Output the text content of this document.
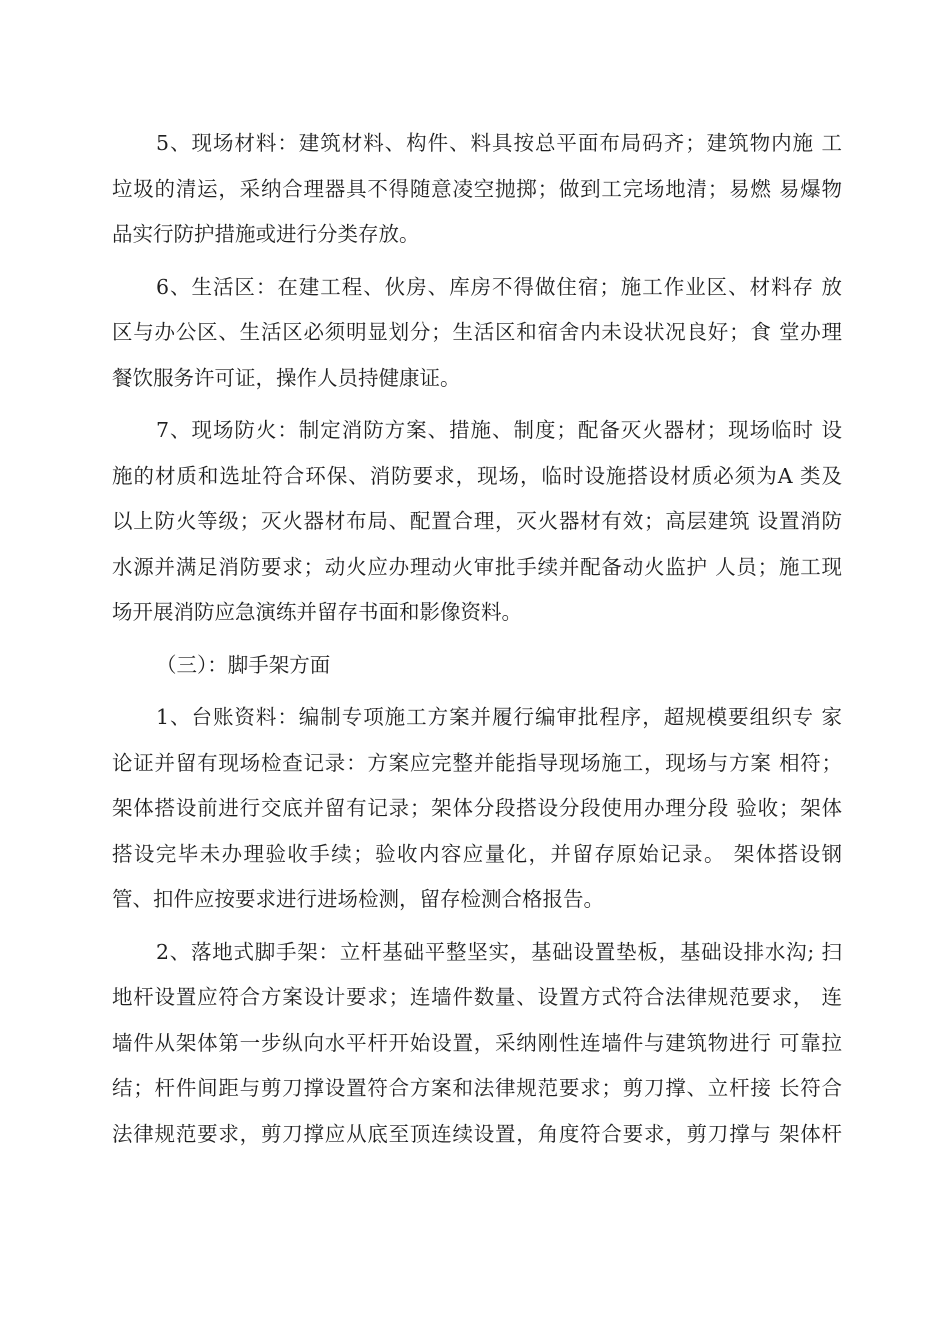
5、现场材料：建筑材料、构件、料具按总平面布局码齐；建筑物内施 工
垃圾的清运，采纳合理器具不得随意凌空抛掷；做到工完场地清；易燃 易爆物
品实行防护措施或进行分类存放。
6、生活区：在建工程、伙房、库房不得做住宿；施工作业区、材料存 放
区与办公区、生活区必须明显划分；生活区和宿舍内未设状况良好；食 堂办理
餐饮服务许可证，操作人员持健康证。
7、现场防火：制定消防方案、措施、制度；配备灭火器材；现场临时 设
施的材质和选址符合环保、消防要求，现场，临时设施搭设材质必须为A 类及
以上防火等级；灭火器材布局、配置合理，灭火器材有效；高层建筑 设置消防
水源并满足消防要求；动火应办理动火审批手续并配备动火监护 人员；施工现
场开展消防应急演练并留存书面和影像资料。
（三）：脚手架方面
1、台账资料：编制专项施工方案并履行编审批程序，超规模要组织专 家
论证并留有现场检查记录：方案应完整并能指导现场施工，现场与方案 相符；
架体搭设前进行交底并留有记录；架体分段搭设分段使用办理分段 验收；架体
搭设完毕未办理验收手续；验收内容应量化，并留存原始记录。 架体搭设钢
管、扣件应按要求进行进场检测，留存检测合格报告。
2、落地式脚手架：立杆基础平整坚实，基础设置垫板，基础设排水沟; 扫
地杆设置应符合方案设计要求；连墙件数量、设置方式符合法律规范要求， 连
墙件从架体第一步纵向水平杆开始设置，采纳刚性连墙件与建筑物进行 可靠拉
结；杆件间距与剪刀撑设置符合方案和法律规范要求；剪刀撑、立杆接 长符合
法律规范要求，剪刀撑应从底至顶连续设置，角度符合要求，剪刀撑与 架体杆
